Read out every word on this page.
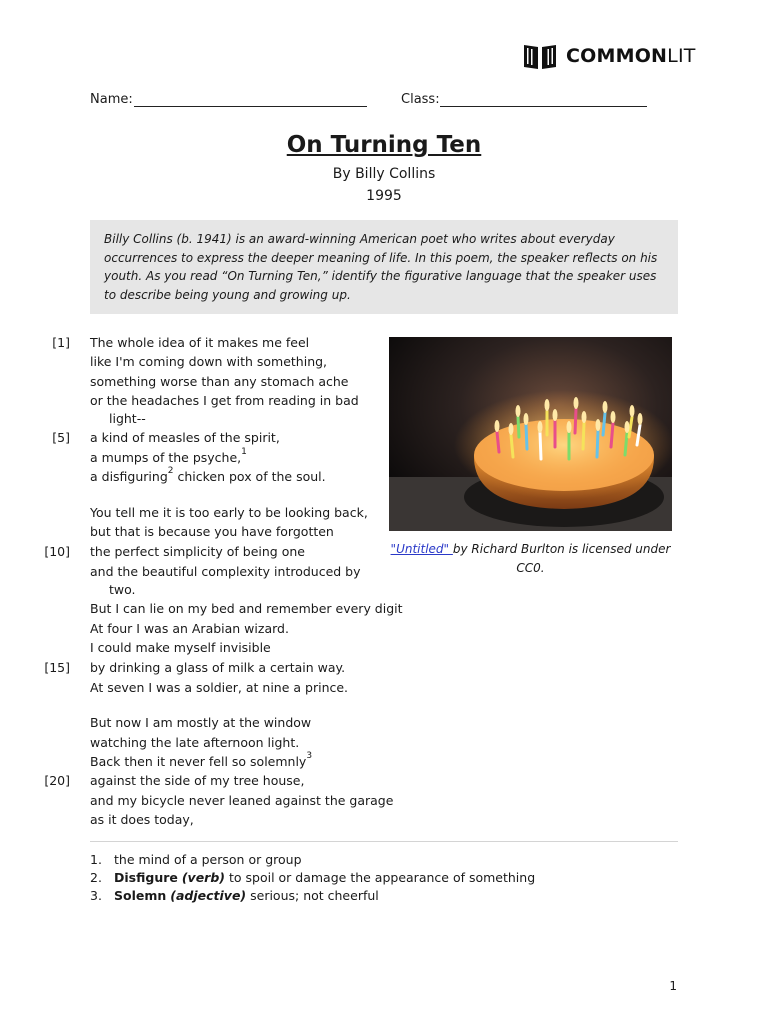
COMMONLIT
Name:	Class:
On Turning Ten
By Billy Collins
1995
Billy Collins (b. 1941) is an award-winning American poet who writes about everyday occurrences to express the deeper meaning of life. In this poem, the speaker reflects on his youth. As you read “On Turning Ten,” identify the figurative language that the speaker uses to describe being young and growing up.
[1]
[5]
[10]
[15]
[20]
The whole idea of it makes me feel
like I'm coming down with something,
something worse than any stomach ache
or the headaches I get from reading in bad
light--
a kind of measles of the spirit,
a mumps of the psyche,$^1$
a disfiguring$^2$ chicken pox of the soul.
You tell me it is too early to be looking back,
but that is because you have forgotten
the perfect simplicity of being one
and the beautiful complexity introduced by
two.
But I can lie on my bed and remember every digit
At four I was an Arabian wizard.
I could make myself invisible
by drinking a glass of milk a certain way.
At seven I was a soldier, at nine a prince.
But now I am mostly at the window
watching the late afternoon light.
Back then it never fell so solemnly$^3$
against the side of my tree house,
and my bicycle never leaned against the garage
as it does today,
"Untitled" by Richard Burlton is licensed under
CC0.
1. the mind of a person or group
2. Disfigure (verb) to spoil or damage the appearance of something
3. Solemn (adjective) serious; not cheerful
1
